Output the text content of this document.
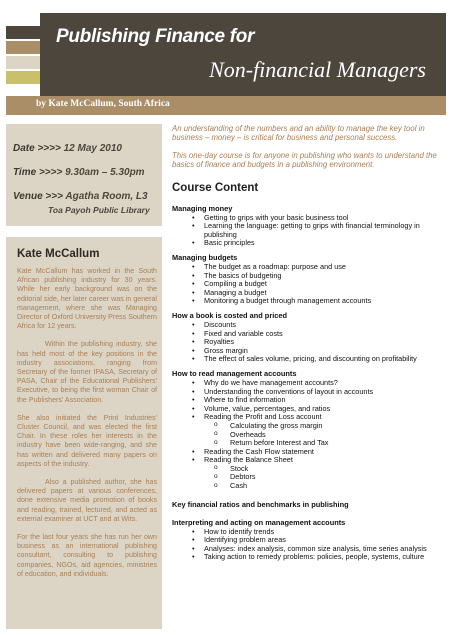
Publishing Finance for
Non-financial Managers
by Kate McCallum, South Africa
Date >>>> 12 May 2010
Time >>>> 9.30am – 5.30pm
Venue >>> Agatha Room, L3
Toa Payoh Public Library
Kate McCallum

Kate McCallum has worked in the South African publishing industry for 30 years. While her early background was on the editorial side, her later career was in general management, where she was Managing Director of Oxford University Press Southern Africa for 12 years.

Within the publishing industry, she has held most of the key positions in the industry associations, ranging from Secretary of the former IPASA, Secretary of PASA, Chair of the Educational Publishers' Executive, to being the first woman Chair of the Publishers' Association.

She also initiated the Print Industries' Cluster Council, and was elected the first Chair. In these roles her interests in the industry have been wide-ranging, and she has written and delivered many papers on aspects of the industry.

Also a published author, she has delivered papers at various conferences, done extensive media promotion of books and reading, trained, lectured, and acted as external examiner at UCT and at Wits.

For the last four years she has run her own business as an international publishing consultant, consulting to publishing companies, NGOs, aid agencies, ministries of education, and individuals.

An understanding of the numbers and an ability to manage the key tool in business – money – is critical for business and personal success.

This one-day course is for anyone in publishing who wants to understand the basics of finance and budgets in a publishing environment.

Course Content
Managing money
• Getting to grips with your basic business tool
• Learning the language: getting to grips with financial terminology in publishing
• Basic principles
Managing budgets
• The budget as a roadmap: purpose and use
• The basics of budgeting
• Compiling a budget
• Managing a budget
• Monitoring a budget through management accounts
How a book is costed and priced
• Discounts
• Fixed and variable costs
• Royalties
• Gross margin
• The effect of sales volume, pricing, and discounting on profitability
How to read management accounts
• Why do we have management accounts?
• Understanding the conventions of layout in accounts
• Where to find information
• Volume, value, percentages, and ratios
• Reading the Profit and Loss account
o Calculating the gross margin
o Overheads
o Return before Interest and Tax
• Reading the Cash Flow statement
• Reading the Balance Sheet
o Stock
o Debtors
o Cash
Key financial ratios and benchmarks in publishing
Interpreting and acting on management accounts
• How to identify trends
• Identifying problem areas
• Analyses: index analysis, common size analysis, time series analysis
• Taking action to remedy problems: policies, people, systems, culture
